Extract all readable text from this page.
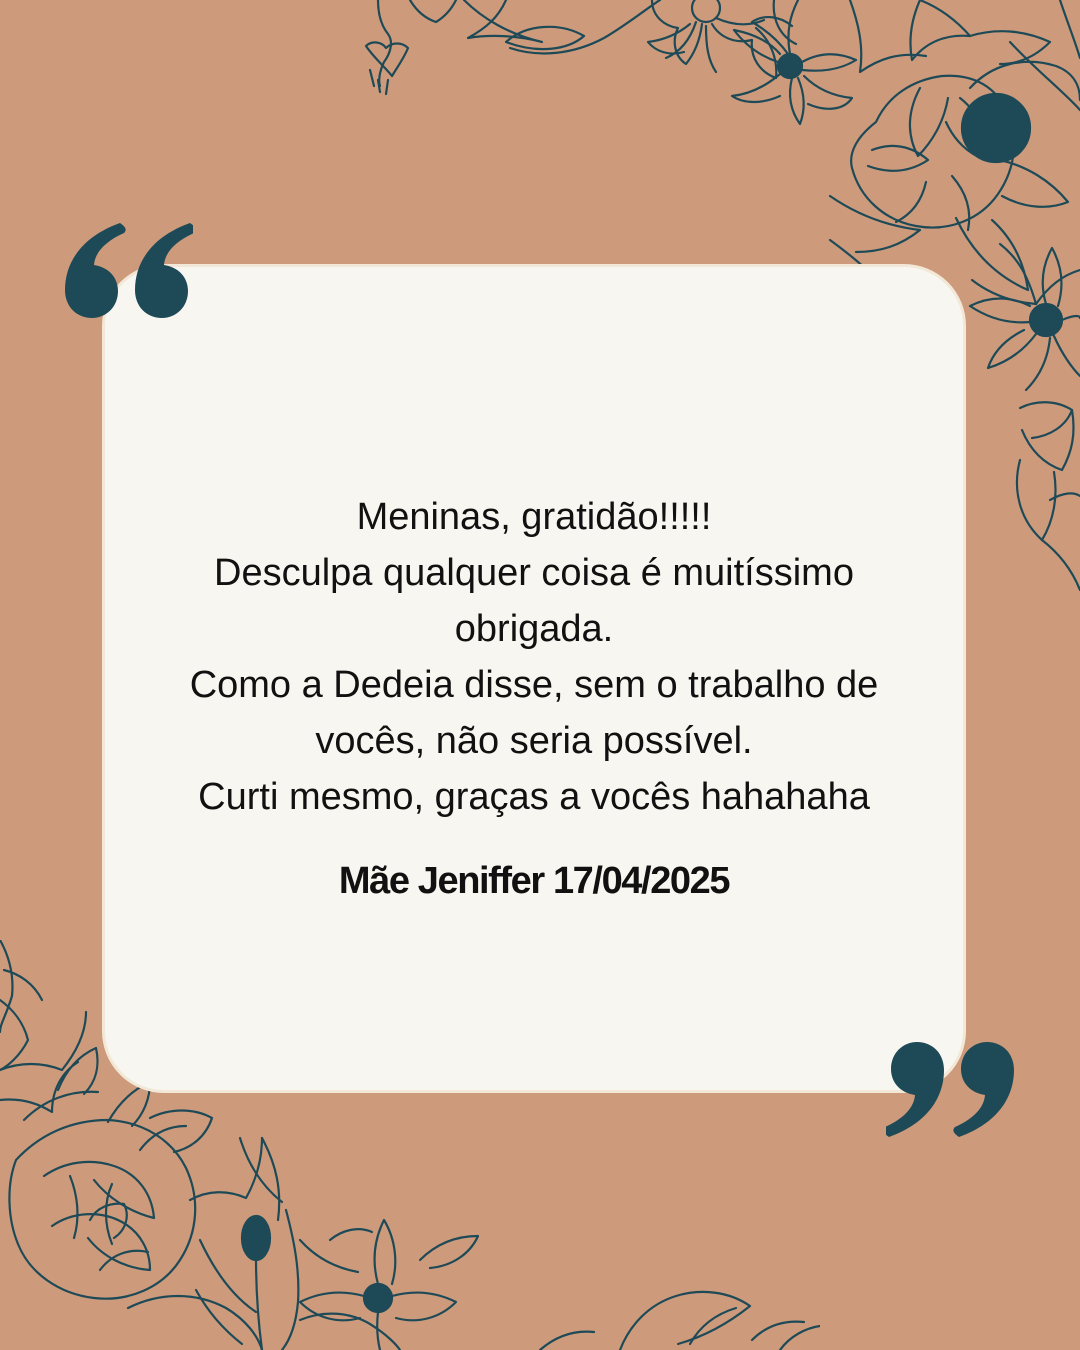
Meninas, gratidão!!!!!
Desculpa qualquer coisa é muitíssimo
obrigada.
Como a Dedeia disse, sem o trabalho de
vocês, não seria possível.
Curti mesmo, graças a vocês hahahaha
Mãe Jeniffer 17/04/2025
